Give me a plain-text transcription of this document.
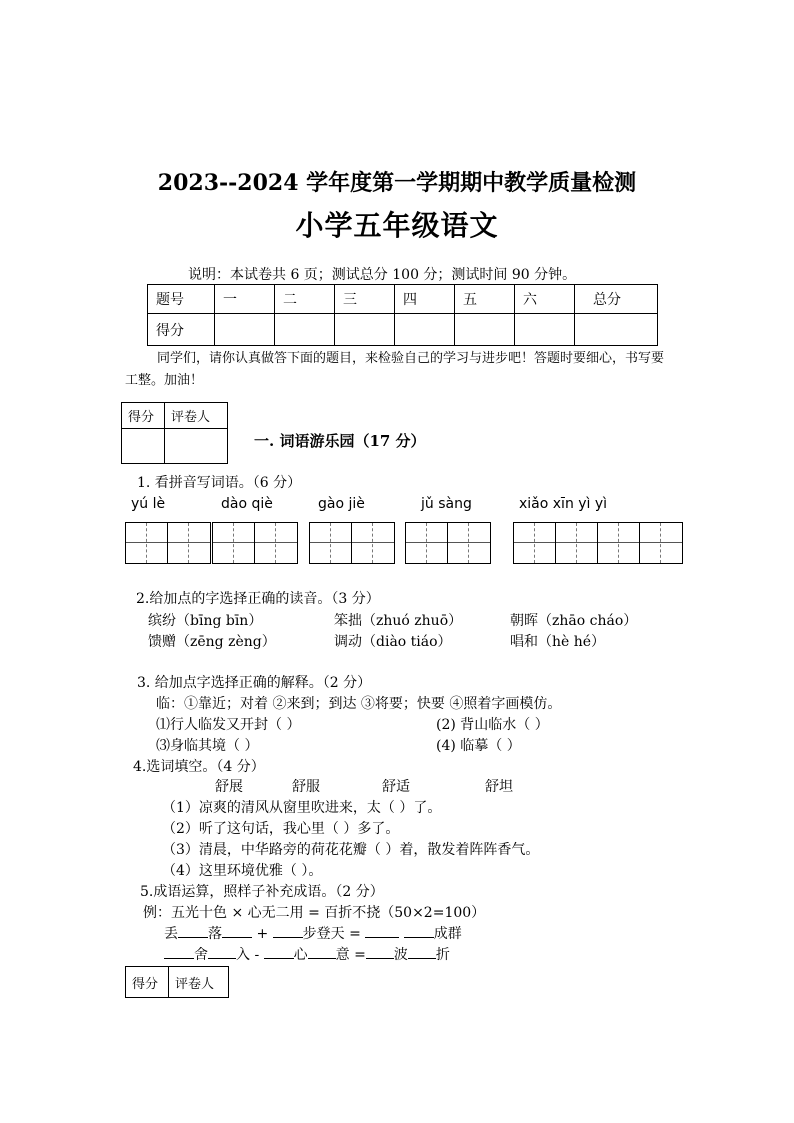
2023--2024 学年度第一学期期中教学质量检测
小学五年级语文
说明：本试卷共 6 页；测试总分 100 分；测试时间 90 分钟。
题号	一	二	三	四	五	六	总分
得分							
同学们，请你认真做答下面的题目，来检验自己的学习与进步吧！答题时要细心，书写要工整。加油！
得分	评卷人

一. 词语游乐园（17 分）
1. 看拼音写词语。（6 分）
yú lè	dào qiè	gào jiè	jǔ sàng	xiǎo xīn yì yì
2.给加点的字选择正确的读音。（3 分）
缤纷（bīng bīn）	笨拙（zhuó zhuō）	朝晖（zhāo cháo）
馈赠（zēng zèng）	调动（diào tiáo）	唱和（hè hé）
3. 给加点字选择正确的解释。（2 分）
临：①靠近；对着 ②来到；到达 ③将要；快要 ④照着字画模仿。
⑴行人临发又开封（ ）	(2) 背山临水（ ）
⑶身临其境（ ）	(4) 临摹（ ）
4.选词填空。（4 分）
舒展	舒服	舒适	舒坦
（1）凉爽的清风从窗里吹进来，太（ ）了。
（2）听了这句话，我心里（ ）多了。
（3）清晨，中华路旁的荷花花瓣（ ）着，散发着阵阵香气。
（4）这里环境优雅（ ）。
5.成语运算，照样子补充成语。（2 分）
例：五光十色 × 心无二用 = 百折不挠（50×2=100）
丢 落 + 步登天 =	成群
舍 入 - 心 意 = 波 折
得分	评卷人
